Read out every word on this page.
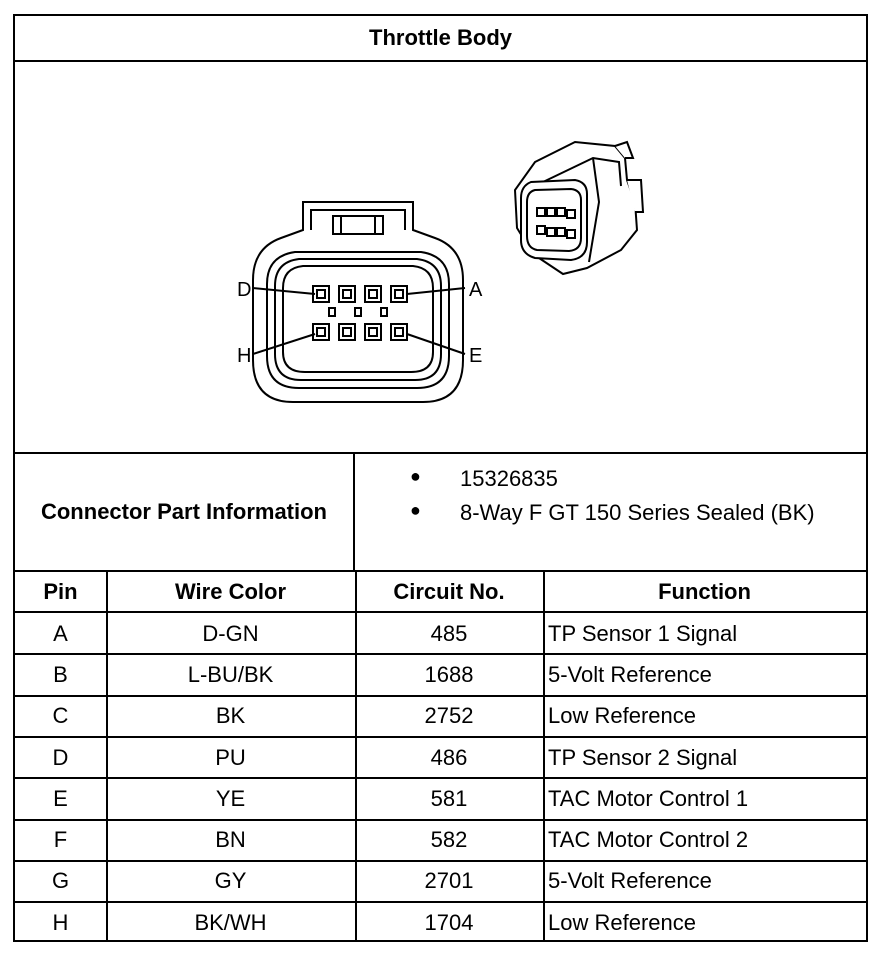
Throttle Body
D	A
H	E
Connector Part Information
● 15326835
● 8-Way F GT 150 Series Sealed (BK)
Pin	Wire Color	Circuit No.	Function
A	D-GN	485	TP Sensor 1 Signal
B	L-BU/BK	1688	5-Volt Reference
C	BK	2752	Low Reference
D	PU	486	TP Sensor 2 Signal
E	YE	581	TAC Motor Control 1
F	BN	582	TAC Motor Control 2
G	GY	2701	5-Volt Reference
H	BK/WH	1704	Low Reference
